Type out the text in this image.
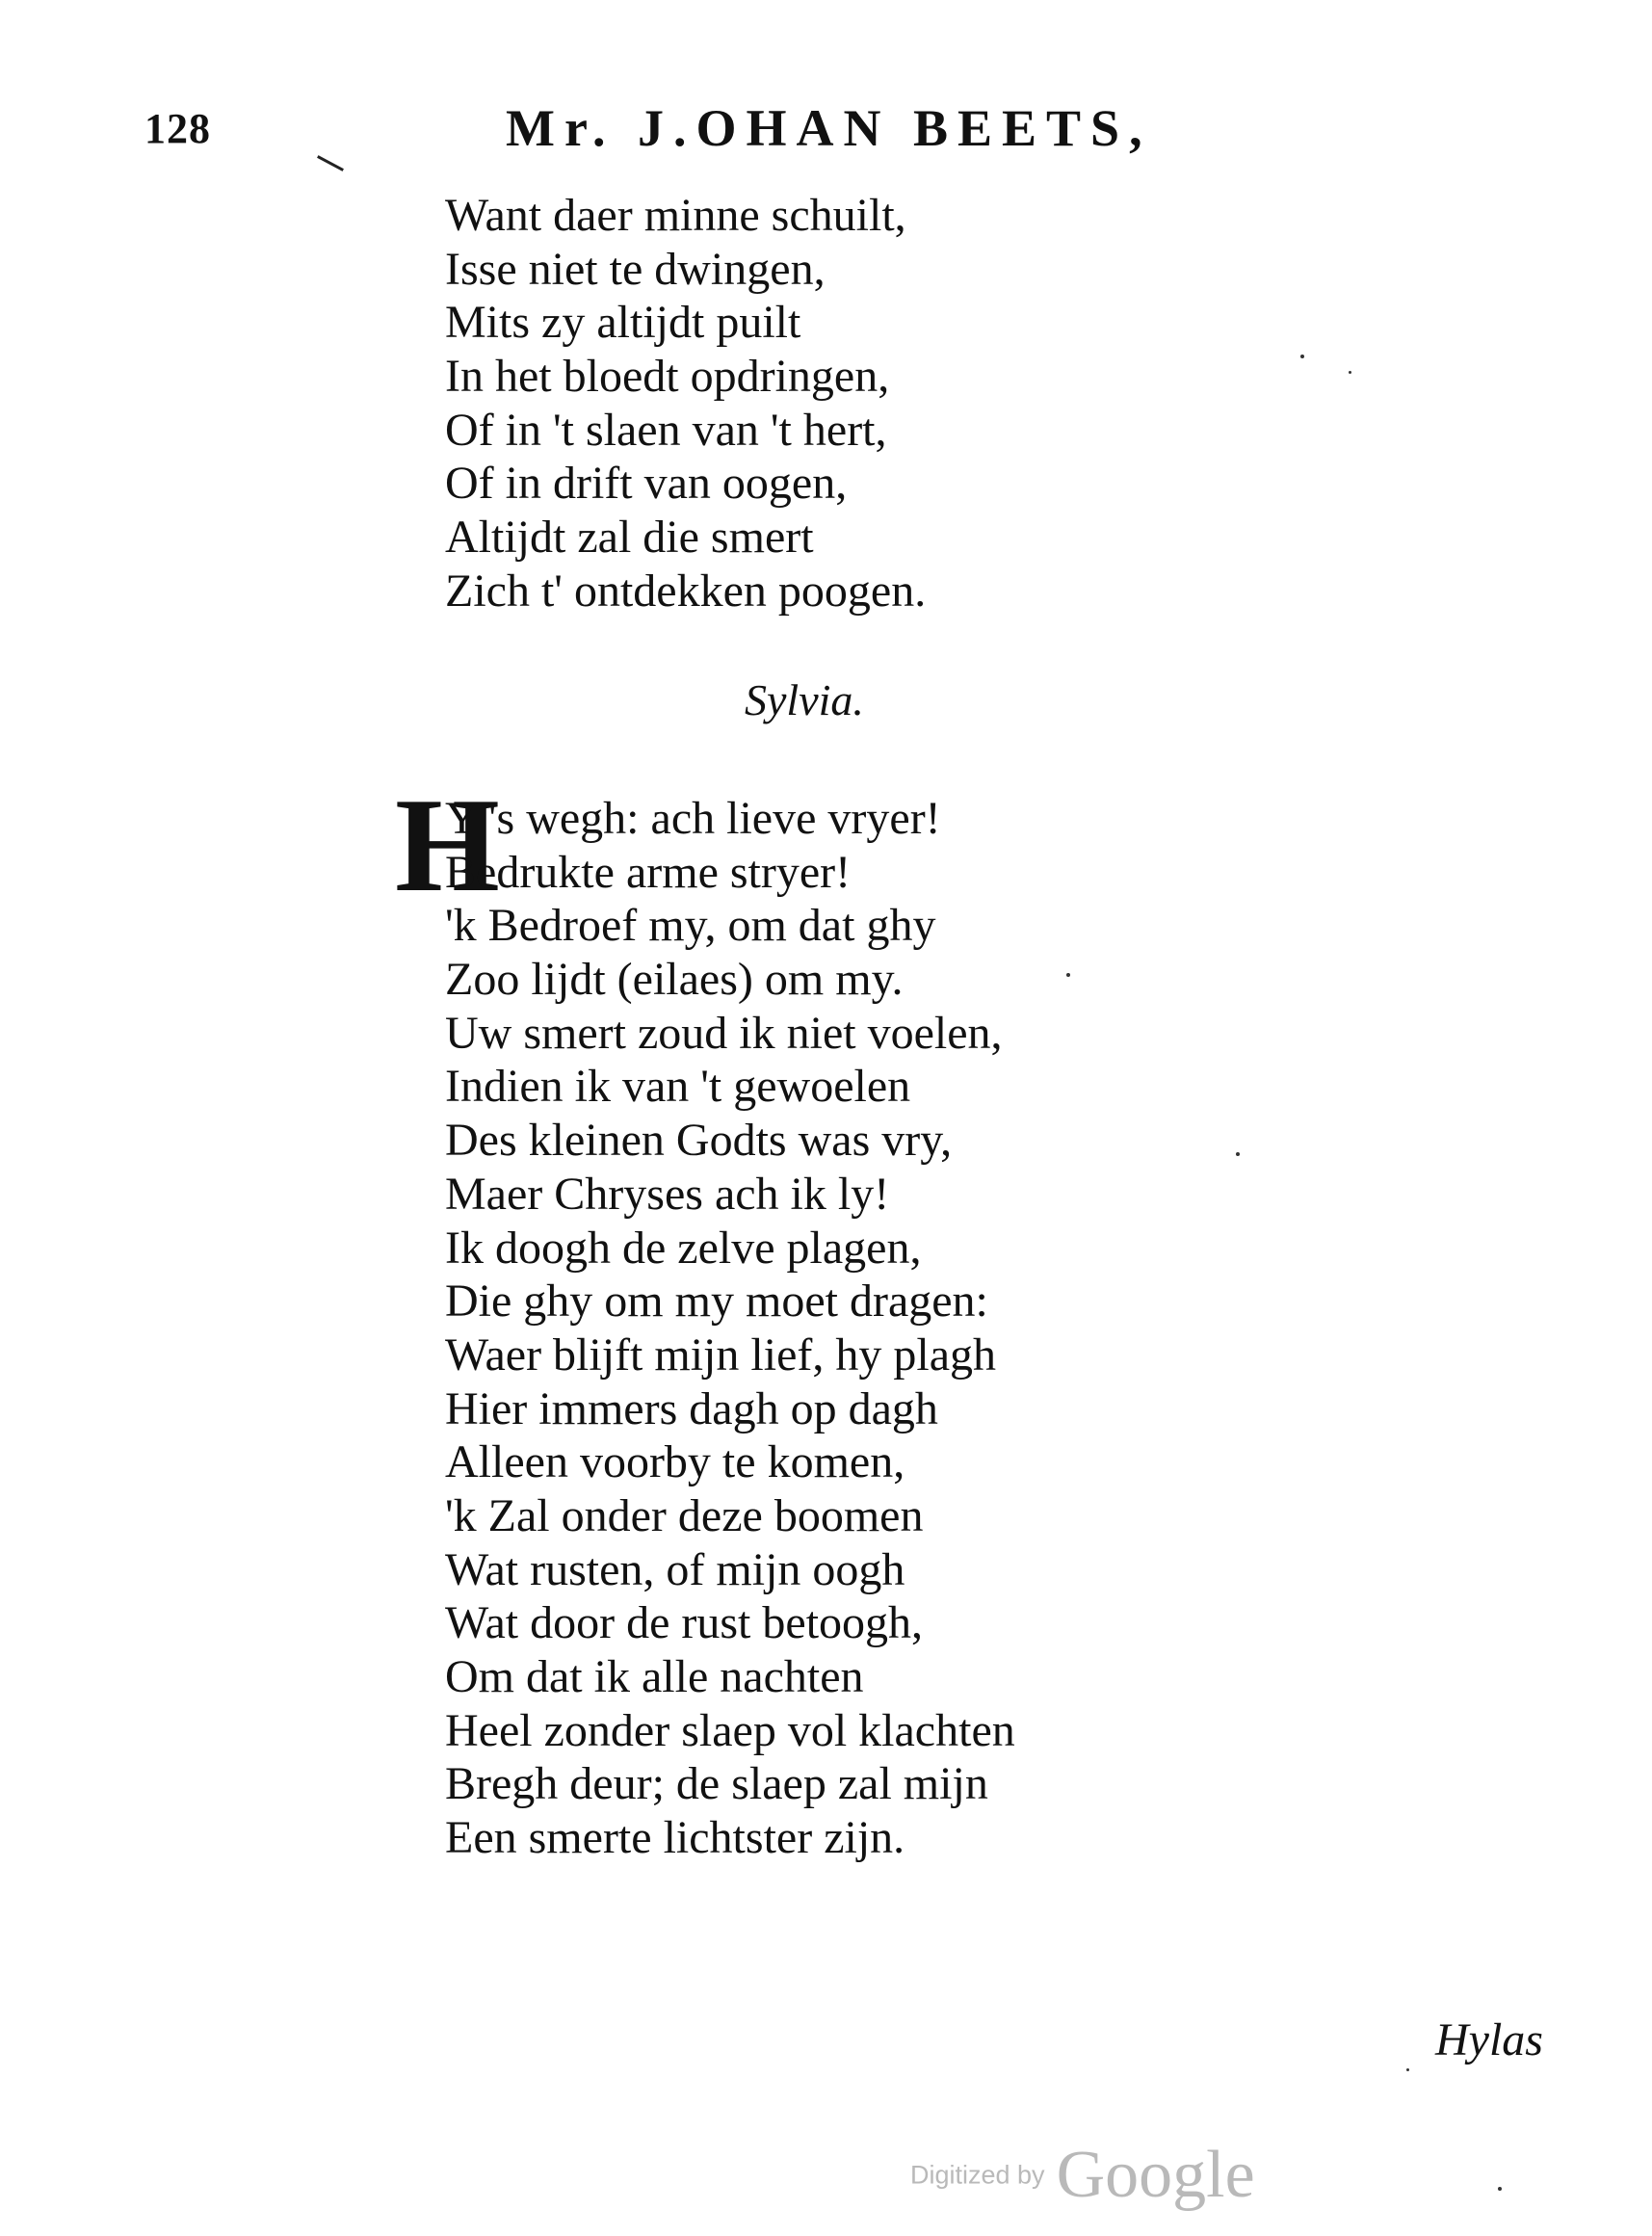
128	Mr. J.OHAN BEETS,
Want daer minne schuilt,
Isse niet te dwingen,
Mits zy altijdt puilt
In het bloedt opdringen,
Of in 't slaen van 't hert,
Of in drift van oogen,
Altijdt zal die smert
Zich t' ontdekken poogen.
Sylvia.
H
Y 's wegh: ach lieve vryer!
Bedrukte arme stryer!
'k Bedroef my, om dat ghy
Zoo lijdt (eilaes) om my.
Uw smert zoud ik niet voelen,
Indien ik van 't gewoelen
Des kleinen Godts was vry,
Maer Chryses ach ik ly!
Ik doogh de zelve plagen,
Die ghy om my moet dragen:
Waer blijft mijn lief, hy plagh
Hier immers dagh op dagh
Alleen voorby te komen,
'k Zal onder deze boomen
Wat rusten, of mijn oogh
Wat door de rust betoogh,
Om dat ik alle nachten
Heel zonder slaep vol klachten
Bregh deur; de slaep zal mijn
Een smerte lichtster zijn.
Hylas
Digitized by Google
